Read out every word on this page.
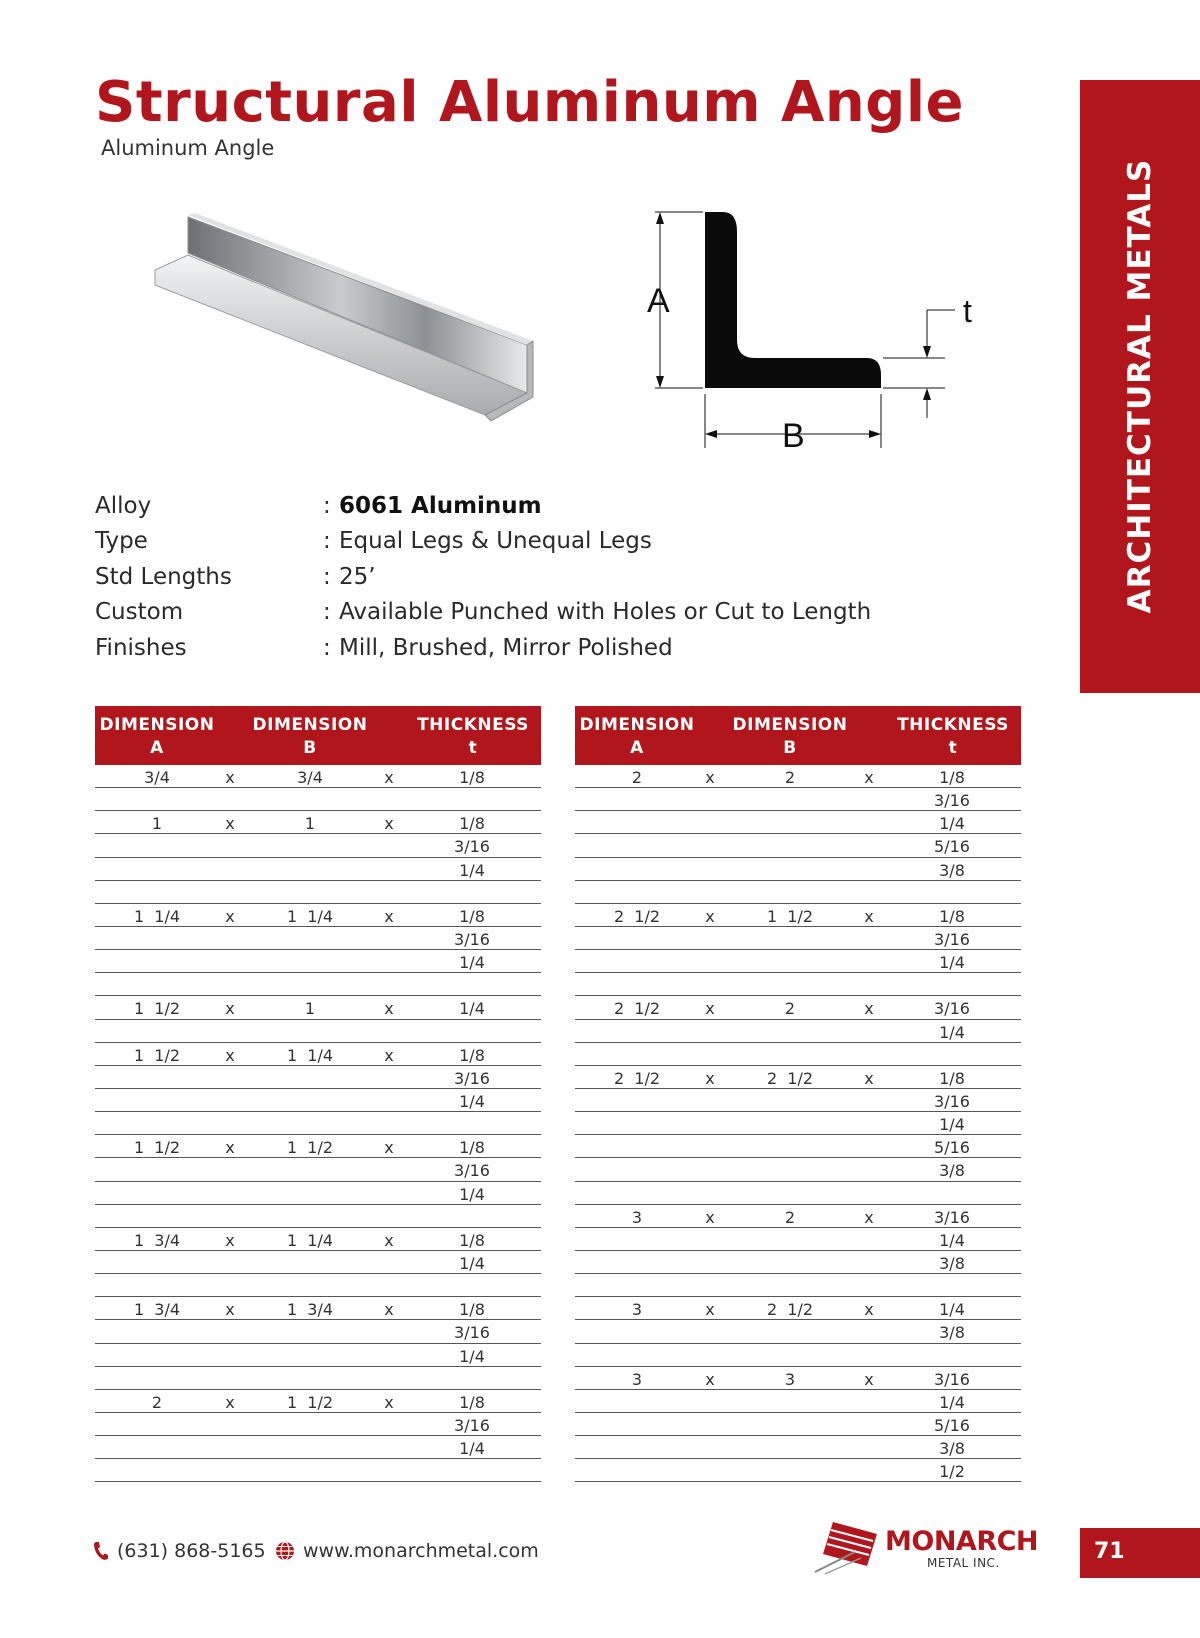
Structural Aluminum Angle
Aluminum Angle
ARCHITECTURAL METALS
A
B
t
Alloy	: 6061 Aluminum
Type	: Equal Legs & Unequal Legs
Std Lengths	: 25’
Custom	: Available Punched with Holes or Cut to Length
Finishes	: Mill, Brushed, Mirror Polished
DIMENSION
A
DIMENSION
B
THICKNESS
t
3/4	x	3/4	x	1/8
1	x	1	x	1/8
3/16
1/4
1  1/4	x	1  1/4	x	1/8
3/16
1/4
1  1/2	x	1	x	1/4
1  1/2	x	1  1/4	x	1/8
3/16
1/4
1  1/2	x	1  1/2	x	1/8
3/16
1/4
1  3/4	x	1  1/4	x	1/8
1/4
1  3/4	x	1  3/4	x	1/8
3/16
1/4
2	x	1  1/2	x	1/8
3/16
1/4
DIMENSION
A
DIMENSION
B
THICKNESS
t
2	x	2	x	1/8
3/16
1/4
5/16
3/8
2  1/2	x	1  1/2	x	1/8
3/16
1/4
2  1/2	x	2	x	3/16
1/4
2  1/2	x	2  1/2	x	1/8
3/16
1/4
5/16
3/8
3	x	2	x	3/16
1/4
3/8
3	x	2  1/2	x	1/4
3/8
3	x	3	x	3/16
1/4
5/16
3/8
1/2
(631) 868-5165 www.monarchmetal.com	MONARCH
METAL INC.	71
